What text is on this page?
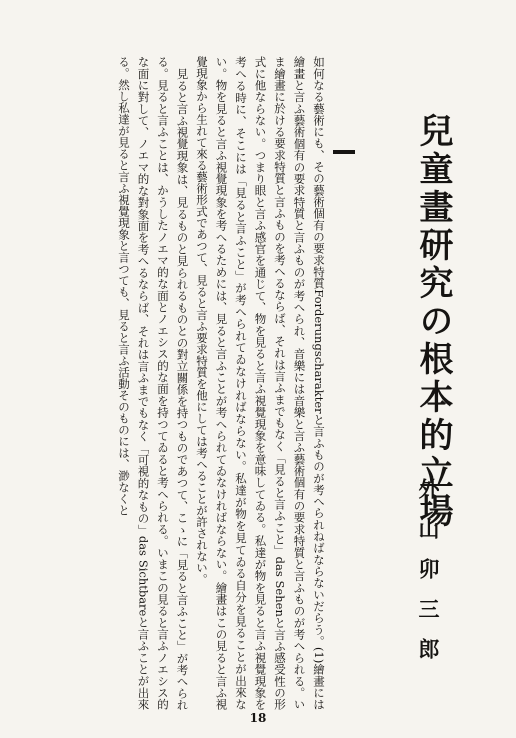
兒童畫研究の根本的立場
外山卯三郎

如何なる藝術にも、その藝術個有の要求特質Forderungscharakterと言ふものが考へられねばならないだらう。(1)繪畫には繪畫と言ふ藝術個有の要求特質と言ふものが考へられ、音樂には音樂と言ふ藝術個有の要求特質と言ふものが考へられる。いま繪畫に於ける要求特質と言ふものを考へるならば、それは言ふまでもなく「見ると言ふこと」das Sehenと言ふ感受性の形式に他ならない。つまり眼と言ふ感官を通じて、物を見ると言ふ視覺現象を意味してゐる。私達が物を見ると言ふ視覺現象を考へる時に、そこには「見ると言ふこと」が考へられてゐなければならない。私達が物を見てゐる自分を見ることが出來ない。物を見ると言ふ視覺現象を考へるためには、見ると言ふことが考へられてゐなければならない。繪畫はこの見ると言ふ視覺現象から生れて來る藝術形式であつて、見ると言ふ要求特質を他にしては考へることが許されない。

見ると言ふ視覺現象は、見るものと見られるものとの對立關係を持つものであつて、こゝに「見ると言ふこと」が考へられる。見ると言ふことは、かうしたノエマ的な面とノエシス的な面を持つてゐると考へられる。いまこの見ると言ふノエシス的な面に對して、ノエマ的な對象面を考へるならば、それは言ふまでもなく「可視的なもの」das Sichtbareと言ふことが出來る。然し私達が見ると言ふ視覺現象と言つても、見ると言ふ活動そのものには、渺なくと

18
